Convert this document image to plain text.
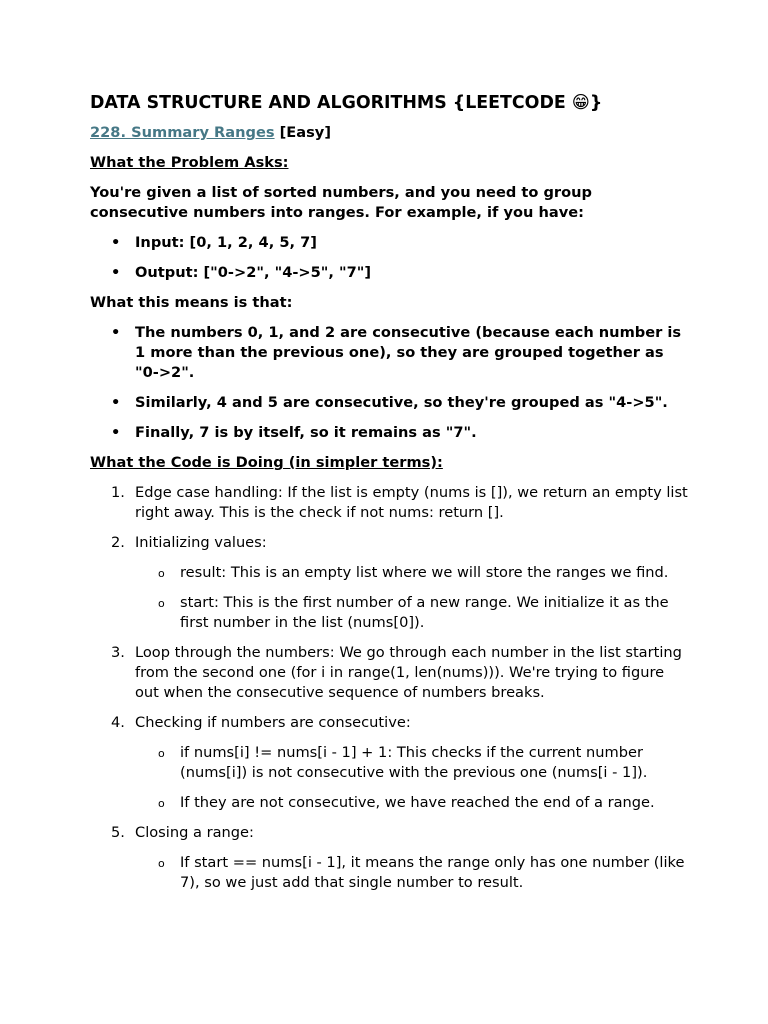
DATA STRUCTURE AND ALGORITHMS {LEETCODE 😁}
228. Summary Ranges [Easy]
What the Problem Asks:
You're given a list of sorted numbers, and you need to group consecutive numbers into ranges. For example, if you have:
• Input: [0, 1, 2, 4, 5, 7]
• Output: ["0->2", "4->5", "7"]
What this means is that:
• The numbers 0, 1, and 2 are consecutive (because each number is 1 more than the previous one), so they are grouped together as "0->2".
• Similarly, 4 and 5 are consecutive, so they're grouped as "4->5".
• Finally, 7 is by itself, so it remains as "7".
What the Code is Doing (in simpler terms):
1. Edge case handling: If the list is empty (nums is []), we return an empty list right away. This is the check if not nums: return [].
2. Initializing values:
o result: This is an empty list where we will store the ranges we find.
o start: This is the first number of a new range. We initialize it as the first number in the list (nums[0]).
3. Loop through the numbers: We go through each number in the list starting from the second one (for i in range(1, len(nums))). We're trying to figure out when the consecutive sequence of numbers breaks.
4. Checking if numbers are consecutive:
o if nums[i] != nums[i - 1] + 1: This checks if the current number (nums[i]) is not consecutive with the previous one (nums[i - 1]).
o If they are not consecutive, we have reached the end of a range.
5. Closing a range:
o If start == nums[i - 1], it means the range only has one number (like 7), so we just add that single number to result.
